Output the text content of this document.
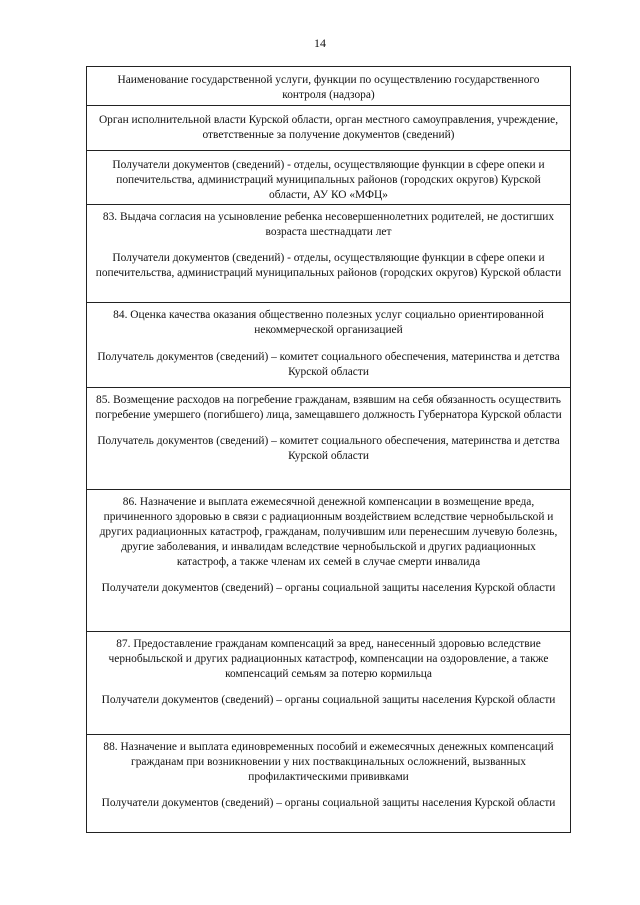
14

Наименование государственной услуги, функции по осуществлению государственного контроля (надзора)

Орган исполнительной власти Курской области, орган местного самоуправления, учреждение, ответственные за получение документов (сведений)

Получатели документов (сведений) - отделы, осуществляющие функции в сфере опеки и попечительства, администраций муниципальных районов (городских округов) Курской области, АУ КО «МФЦ»

83. Выдача согласия на усыновление ребенка несовершеннолетних родителей, не достигших возраста шестнадцати лет

Получатели документов (сведений) - отделы, осуществляющие функции в сфере опеки и попечительства, администраций муниципальных районов (городских округов) Курской области

84. Оценка качества оказания общественно полезных услуг социально ориентированной некоммерческой организацией

Получатель документов (сведений) – комитет социального обеспечения, материнства и детства Курской области

85. Возмещение расходов на погребение гражданам, взявшим на себя обязанность осуществить погребение умершего (погибшего) лица, замещавшего должность Губернатора Курской области

Получатель документов (сведений) – комитет социального обеспечения, материнства и детства Курской области

86. Назначение и выплата ежемесячной денежной компенсации в возмещение вреда, причиненного здоровью в связи с радиационным воздействием вследствие чернобыльской и других радиационных катастроф, гражданам, получившим или перенесшим лучевую болезнь, другие заболевания, и инвалидам вследствие чернобыльской и других радиационных катастроф, а также членам их семей в случае смерти инвалида

Получатели документов (сведений) – органы социальной защиты населения Курской области

87. Предоставление гражданам компенсаций за вред, нанесенный здоровью вследствие чернобыльской и других радиационных катастроф, компенсации на оздоровление, а также компенсаций семьям за потерю кормильца

Получатели документов (сведений) – органы социальной защиты населения Курской области

88. Назначение и выплата единовременных пособий и ежемесячных денежных компенсаций гражданам при возникновении у них поствакцинальных осложнений, вызванных профилактическими прививками

Получатели документов (сведений) – органы социальной защиты населения Курской области
